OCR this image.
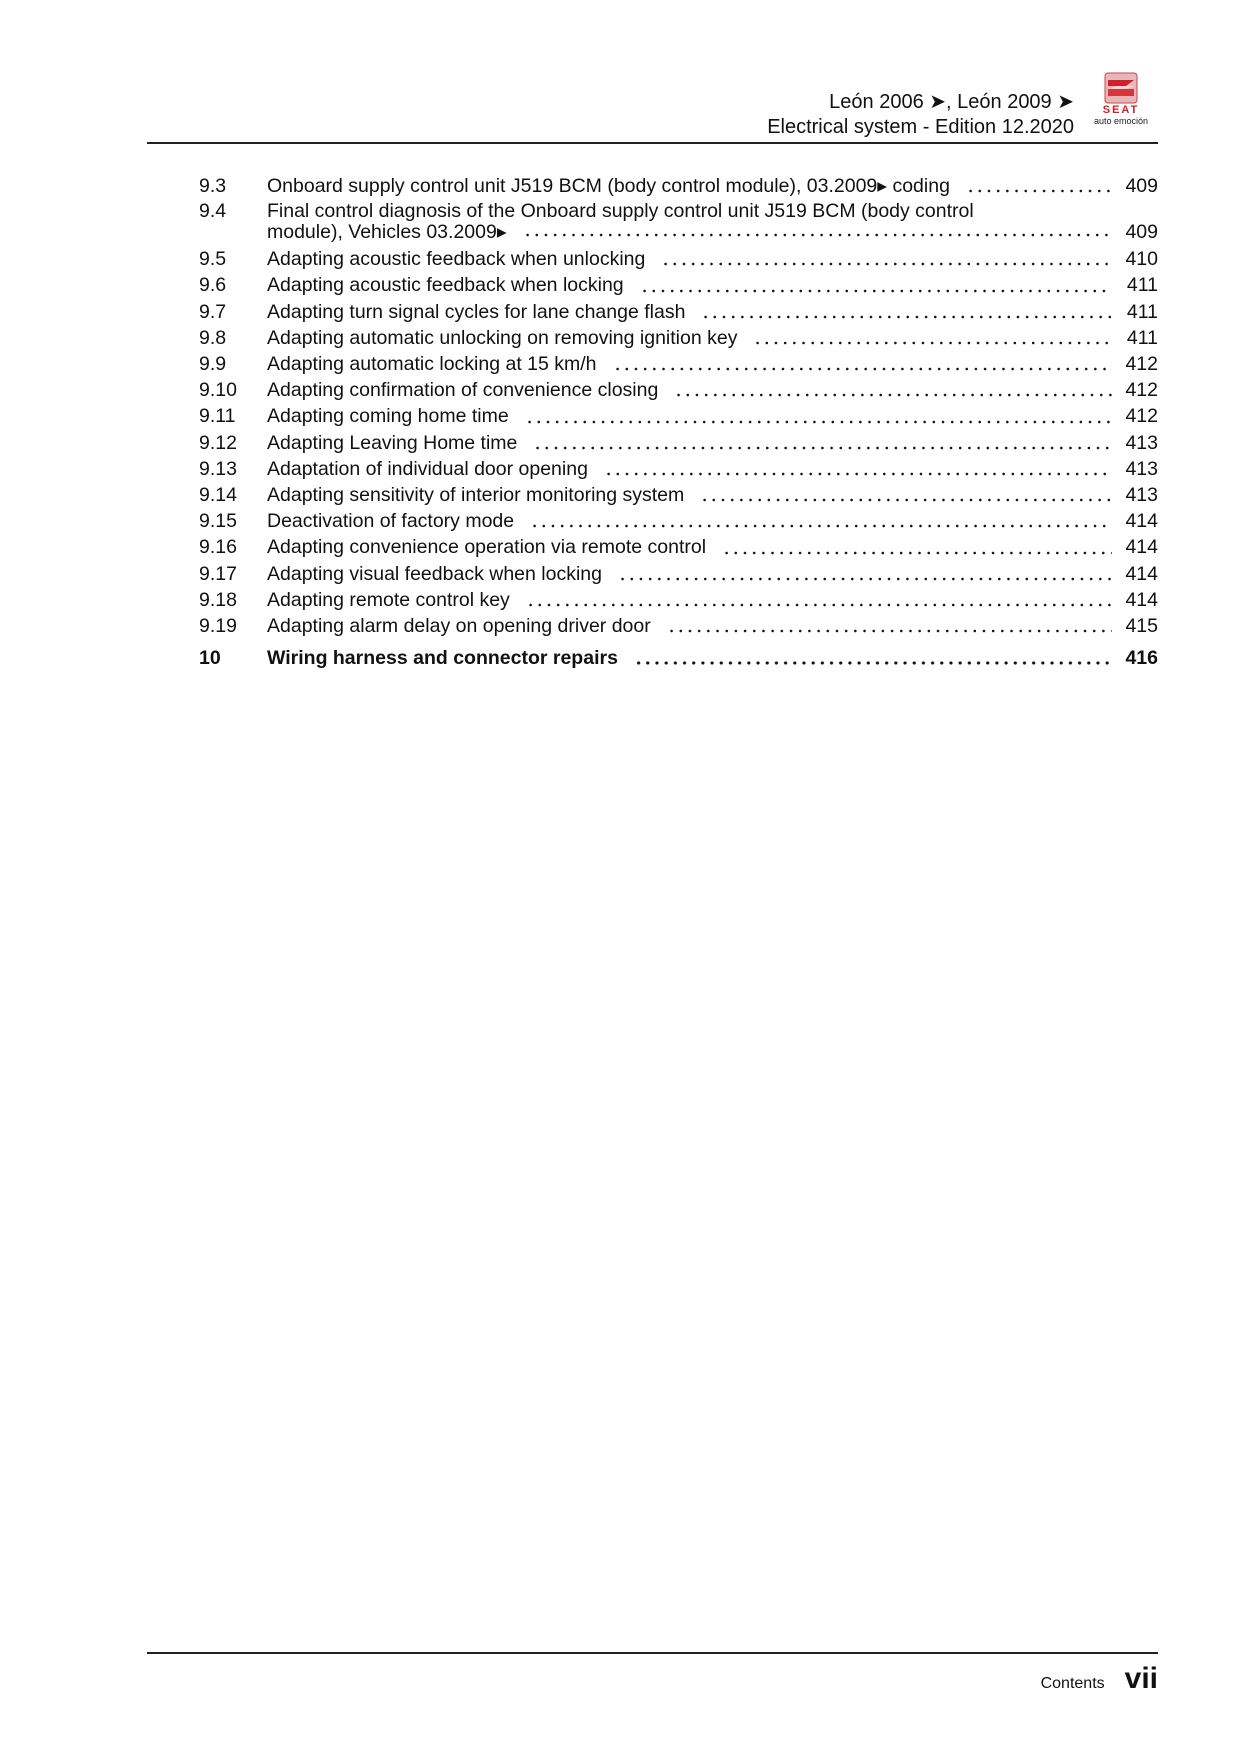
León 2006 ➤, León 2009 ➤
Electrical system - Edition 12.2020
SEAT
auto emoción
9.3	Onboard supply control unit J519 BCM (body control module), 03.2009▸ coding	409
9.4	Final control diagnosis of the Onboard supply control unit J519 BCM (body control
module), Vehicles 03.2009▸	409
9.5	Adapting acoustic feedback when unlocking	410
9.6	Adapting acoustic feedback when locking	411
9.7	Adapting turn signal cycles for lane change flash	411
9.8	Adapting automatic unlocking on removing ignition key	411
9.9	Adapting automatic locking at 15 km/h	412
9.10	Adapting confirmation of convenience closing	412
9.11	Adapting coming home time	412
9.12	Adapting Leaving Home time	413
9.13	Adaptation of individual door opening	413
9.14	Adapting sensitivity of interior monitoring system	413
9.15	Deactivation of factory mode	414
9.16	Adapting convenience operation via remote control	414
9.17	Adapting visual feedback when locking	414
9.18	Adapting remote control key	414
9.19	Adapting alarm delay on opening driver door	415
10	Wiring harness and connector repairs	416
Contents vii
